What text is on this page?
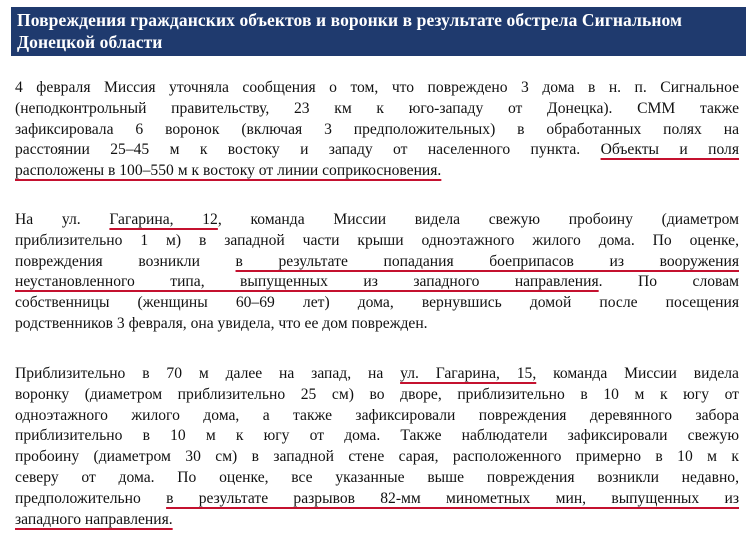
Повреждения гражданских объектов и воронки в результате обстрела Сигнальном
Донецкой области
4 февраля Миссия уточняла сообщения о том, что повреждено 3 дома в н. п. Сигнальное
(неподконтрольный правительству, 23 км к юго-западу от Донецка). СММ также
зафиксировала 6 воронок (включая 3 предположительных) в обработанных полях на
расстоянии 25–45 м к востоку и западу от населенного пункта. Объекты и поля
расположены в 100–550 м к востоку от линии соприкосновения.
На ул. Гагарина, 12, команда Миссии видела свежую пробоину (диаметром
приблизительно 1 м) в западной части крыши одноэтажного жилого дома. По оценке,
повреждения возникли в результате попадания боеприпасов из вооружения
неустановленного типа, выпущенных из западного направления. По словам
собственницы (женщины 60–69 лет) дома, вернувшись домой после посещения
родственников 3 февраля, она увидела, что ее дом поврежден.
Приблизительно в 70 м далее на запад, на ул. Гагарина, 15, команда Миссии видела
воронку (диаметром приблизительно 25 см) во дворе, приблизительно в 10 м к югу от
одноэтажного жилого дома, а также зафиксировали повреждения деревянного забора
приблизительно в 10 м к югу от дома. Также наблюдатели зафиксировали свежую
пробоину (диаметром 30 см) в западной стене сарая, расположенного примерно в 10 м к
северу от дома. По оценке, все указанные выше повреждения возникли недавно,
предположительно в результате разрывов 82-мм минометных мин, выпущенных из
западного направления.
